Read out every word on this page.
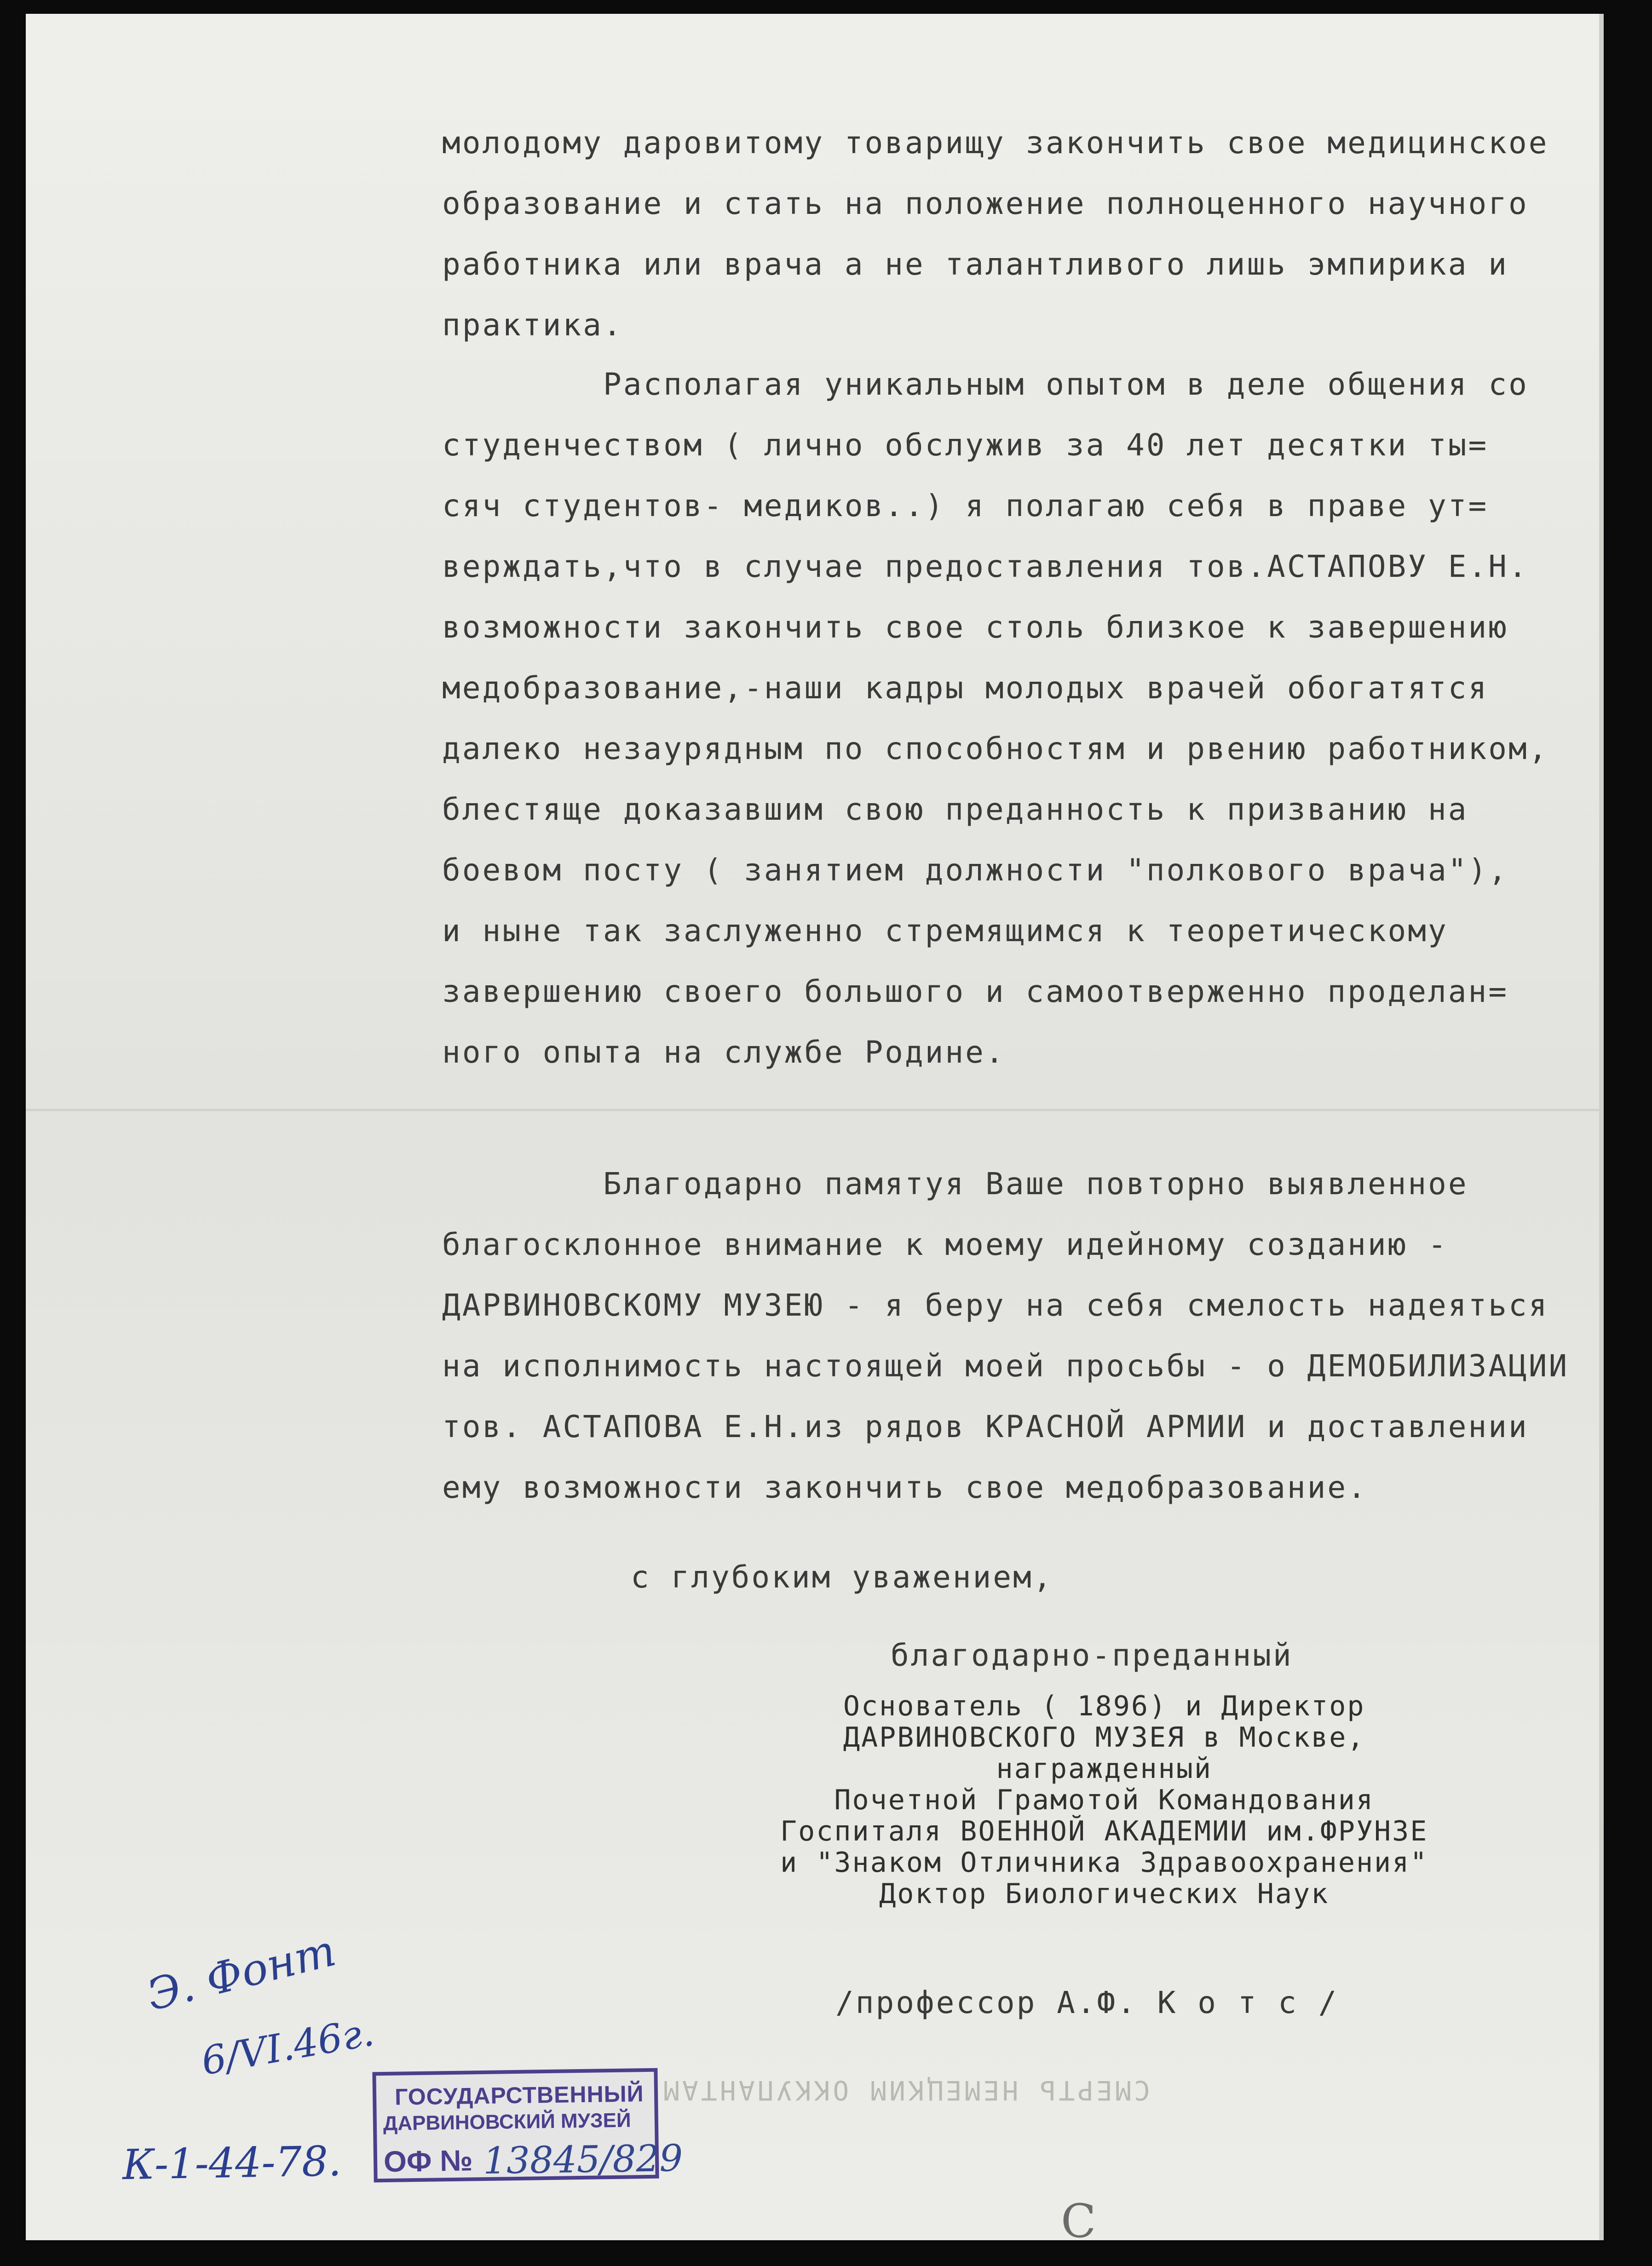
молодому даровитому товарищу закончить свое медицинское
образование и стать на положение полноценного научного
работника или врача а не талантливого лишь эмпирика и
практика.
Располагая уникальным опытом в деле общения со
студенчеством ( лично обслужив за 40 лет десятки ты=
сяч студентов- медиков..) я полагаю себя в праве ут=
верждать,что в случае предоставления тов.АСТАПОВУ Е.Н.
возможности закончить свое столь близкое к завершению
медобразование,-наши кадры молодых врачей обогатятся
далеко незаурядным по способностям и рвению работником,
блестяще доказавшим свою преданность к призванию на
боевом посту ( занятием должности "полкового врача"),
и ныне так заслуженно стремящимся к теоретическому
завершению своего большого и самоотверженно проделан=
ного опыта на службе Родине.
Благодарно памятуя Ваше повторно выявленное
благосклонное внимание к моему идейному созданию -
ДАРВИНОВСКОМУ МУЗЕЮ - я беру на себя смелость надеяться
на исполнимость настоящей моей просьбы - о ДЕМОБИЛИЗАЦИИ
тов. АСТАПОВА Е.Н.из рядов КРАСНОЙ АРМИИ и доставлении
ему возможности закончить свое медобразование.

с глубоким уважением,

благодарно-преданный

Основатель ( 1896) и Директор
ДАРВИНОВСКОГО МУЗЕЯ в Москве,
награжденный
Почетной Грамотой Командования
Госпиталя ВОЕННОЙ АКАДЕМИИ им.ФРУНЗЕ
и "Знаком Отличника Здравоохранения"
Доктор Биологических Наук

/профессор А.Ф. К о т с /

СМЕРТЬ НЕМЕЦКИМ ОККУПАНТАМ

Э. Фонт

6/VI.46г.

К-1-44-78.

ГОСУДАРСТВЕННЫЙ
ДАРВИНОВСКИЙ МУЗЕЙ
ОФ № 13845/829

С
